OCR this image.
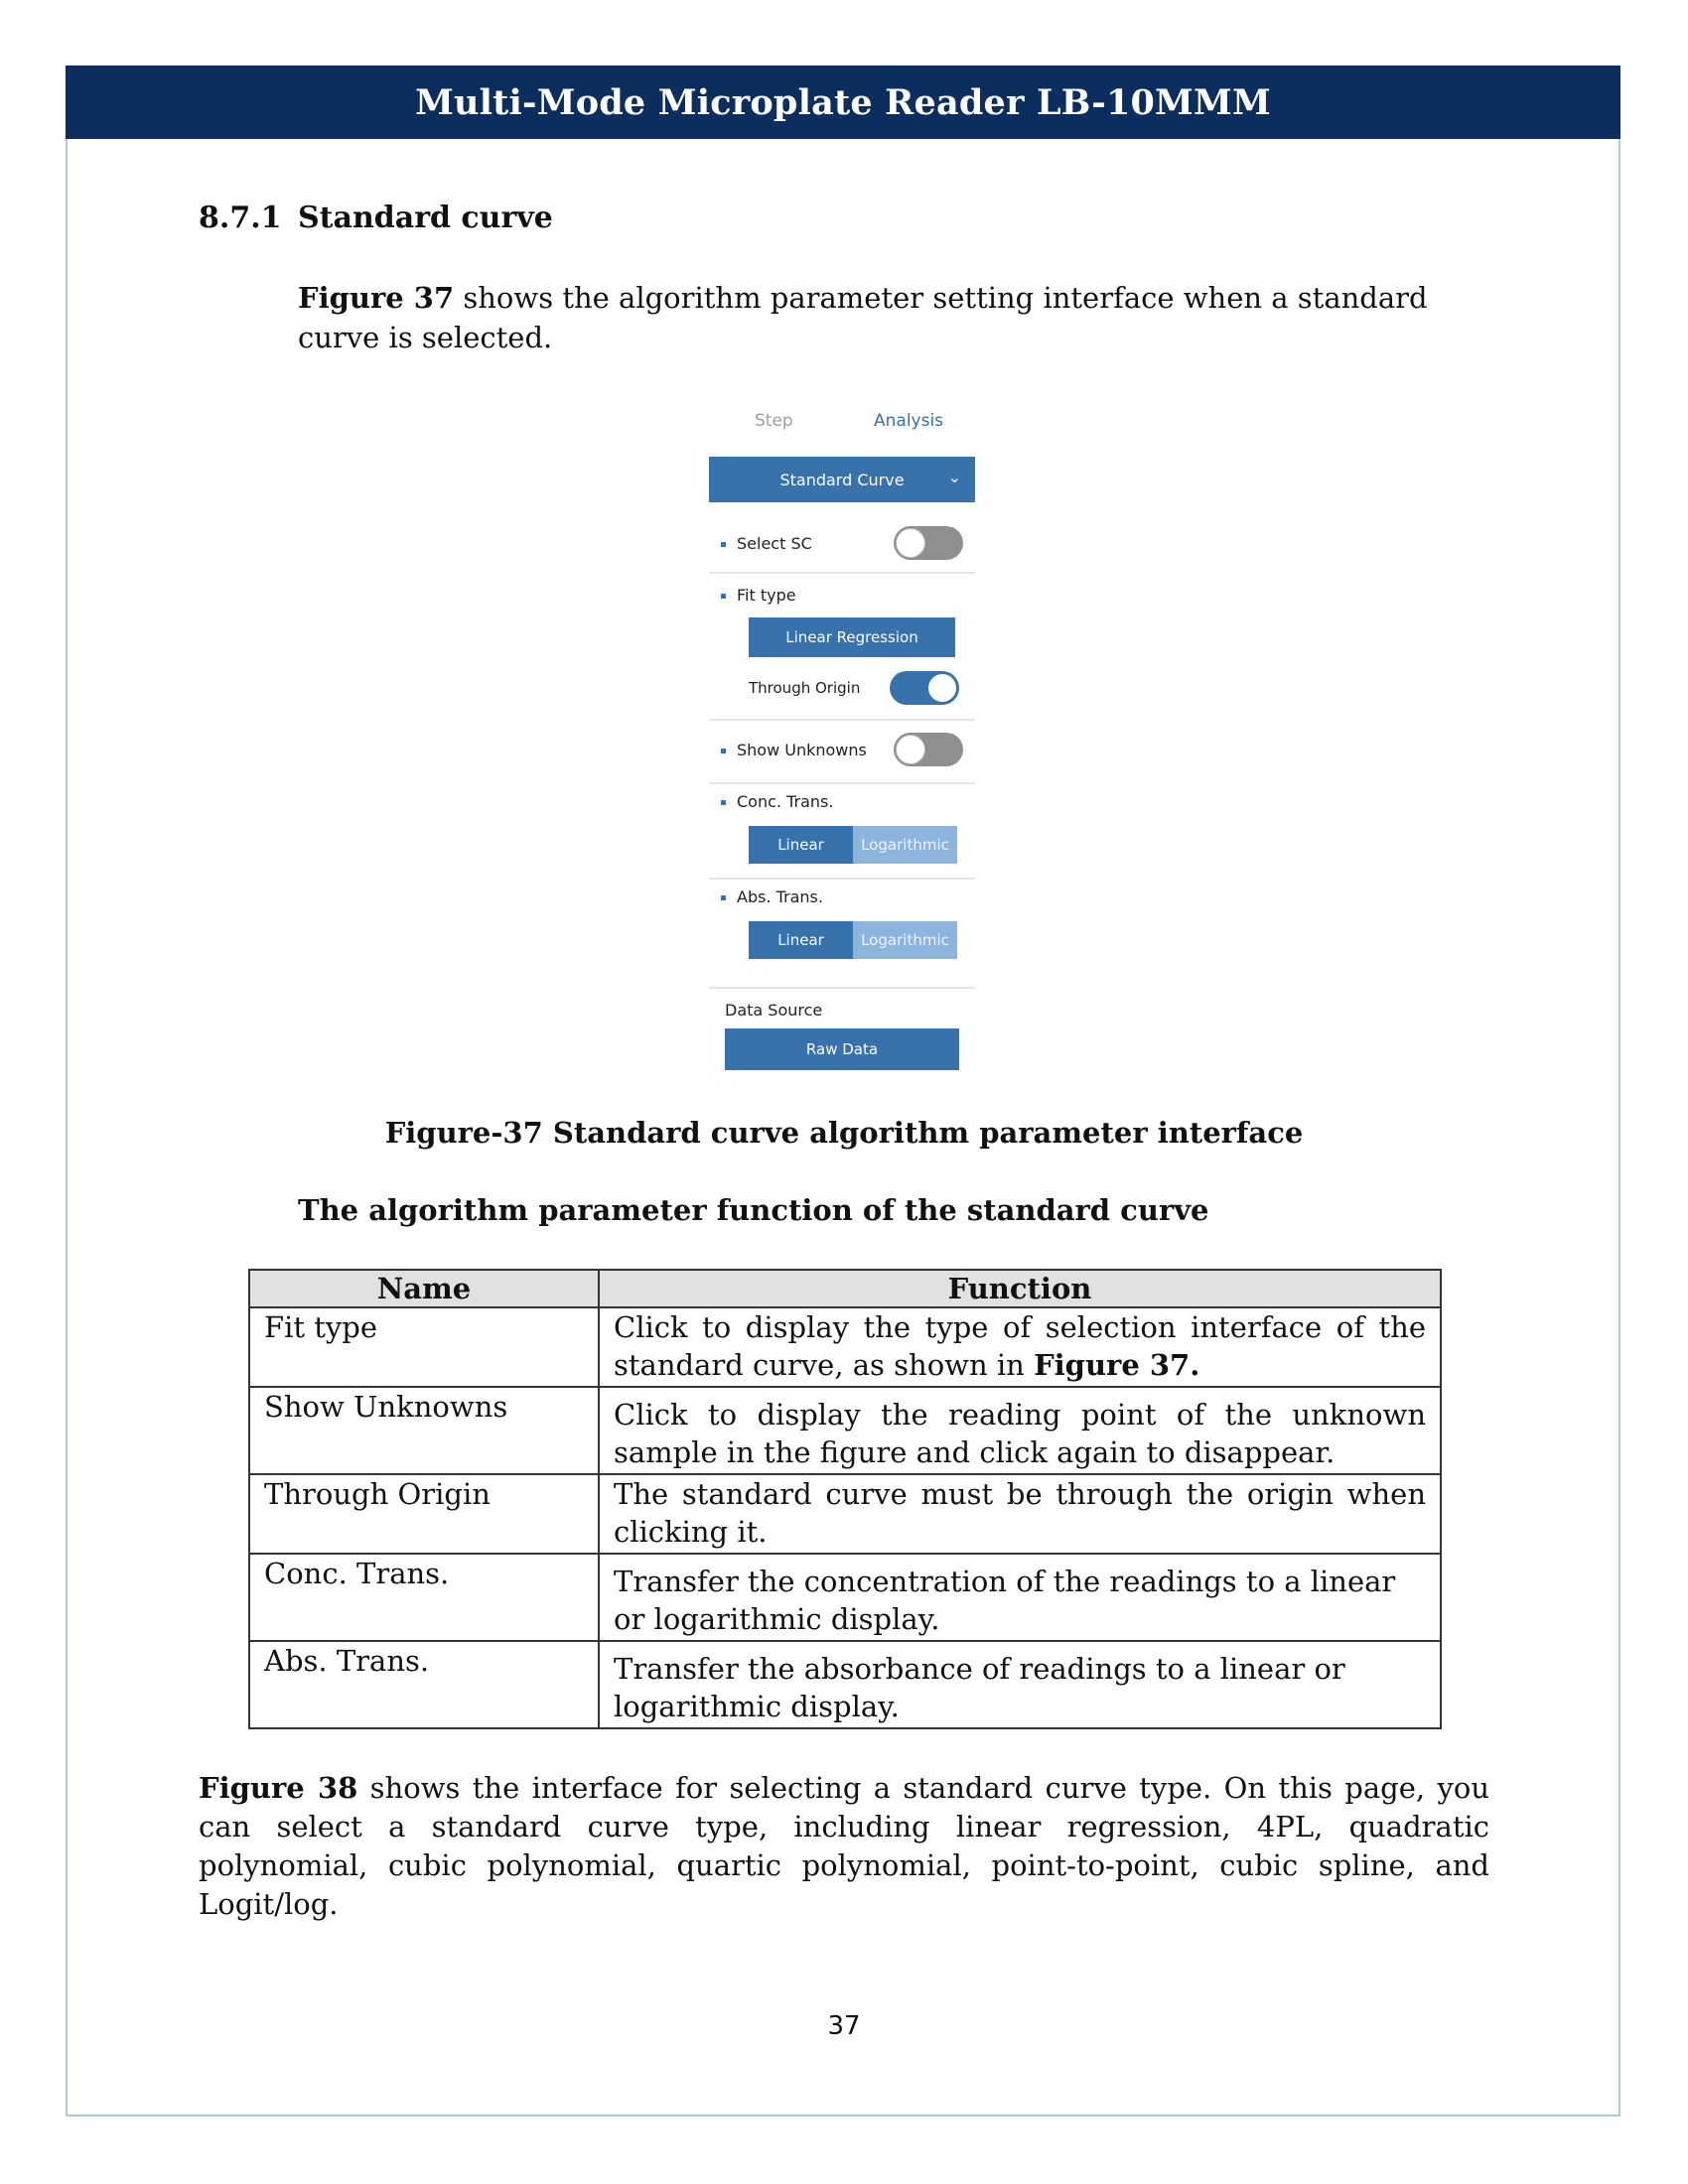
Multi-Mode Microplate Reader LB-10MMM
8.7.1 Standard curve

Figure 37 shows the algorithm parameter setting interface when a standard curve is selected.

Step	Analysis
Standard Curve	⌄
Select SC
Fit type
Linear Regression
Through Origin
Show Unknowns
Conc. Trans.
Linear	Logarithmic
Abs. Trans.
Linear	Logarithmic
Data Source
Raw Data
Figure-37 Standard curve algorithm parameter interface
The algorithm parameter function of the standard curve
Name	Function
Fit type	Click to display the type of selection interface of the standard curve, as shown in Figure 37.
Show Unknowns	Click to display the reading point of the unknown sample in the figure and click again to disappear.
Through Origin	The standard curve must be through the origin when clicking it.
Conc. Trans.	Transfer the concentration of the readings to a linear or logarithmic display.
Abs. Trans.	Transfer the absorbance of readings to a linear or logarithmic display.

Figure 38 shows the interface for selecting a standard curve type. On this page, you can select a standard curve type, including linear regression, 4PL, quadratic polynomial, cubic polynomial, quartic polynomial, point-to-point, cubic spline, and Logit/log.

37
